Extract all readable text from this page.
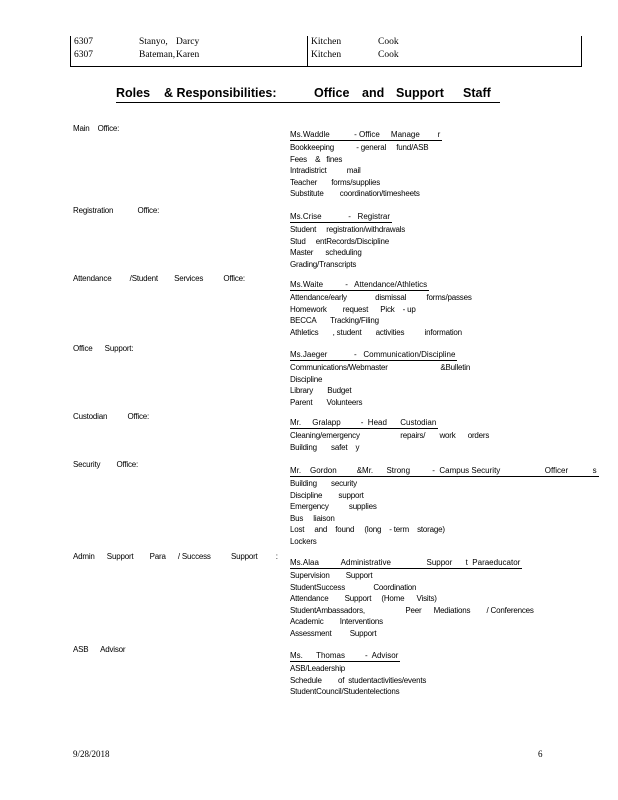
6307	Stanyo, Darcy	Kitchen	Cook
6307	Bateman, Karen	Kitchen	Cook
Roles & Responsibilities:	Office and Support Staff
Main    Office:
Ms.Waddle           - Office     Manage        r
Bookkeeping           - general     fund/ASB
Fees    &   fines
Intradistrict          mail
Teacher       forms/supplies
Substitute        coordination/timesheets
Registration            Office:
Ms.Crise            -   Registrar
Student     registration/withdrawals
Stud     entRecords/Discipline
Master      scheduling
Grading/Transcripts
Attendance         /Student        Services          Office:
Ms.Waite          -   Attendance/Athletics
Attendance/early              dismissal          forms/passes
Homework        request      Pick    - up
BECCA       Tracking/Filing
Athletics       , student       activities          information
Office      Support:
Ms.Jaeger            -   Communication/Discipline
Communications/Webmaster                          &Bulletin
Discipline
Library       Budget
Parent       Volunteers
Custodian          Office:
Mr.     Gralapp         -  Head      Custodian
Cleaning/emergency                    repairs/       work      orders
Building       safet    y
Security        Office:
Mr.    Gordon         &Mr.      Strong          -  Campus Security                    Officer           s
Building       security
Discipline        support
Emergency          supplies
Bus     liaison
Lost     and    found     (long    - term    storage)
Lockers
Admin      Support        Para      / Success          Support         :
Ms.Alaa          Administrative                Suppor      t  Paraeducator
Supervision        Support
StudentSuccess              Coordination
Attendance        Support     (Home      Visits)
StudentAmbassadors,                    Peer      Mediations        / Conferences
Academic        Interventions
Assessment         Support
ASB      Advisor
Ms.      Thomas         -  Advisor
ASB/Leadership
Schedule        of  studentactivities/events
StudentCouncil/Studentelections
9/28/2018	6
